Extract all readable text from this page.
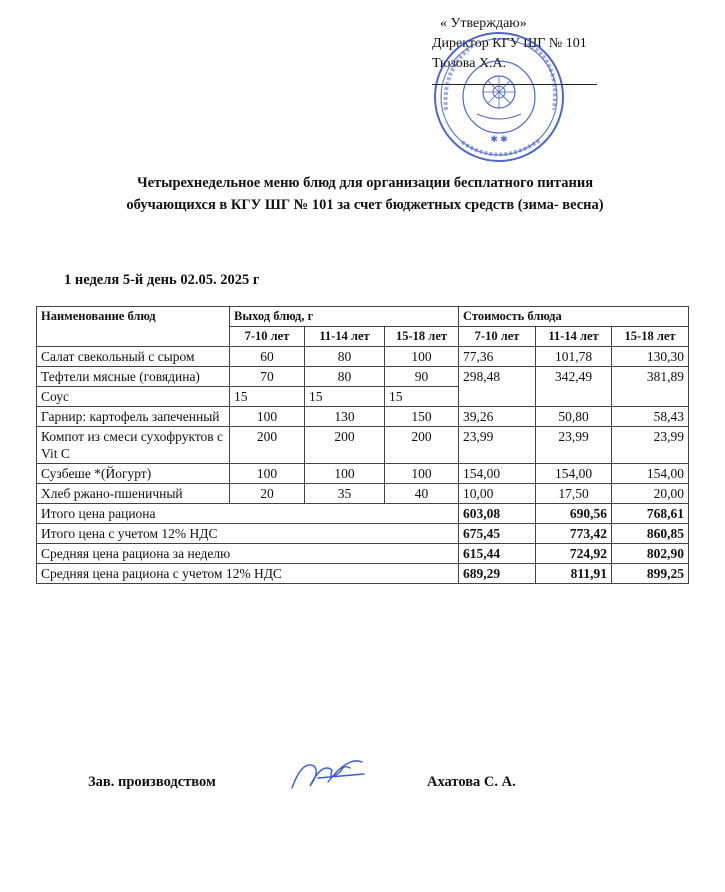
« Утверждаю»
Директор КГУ ШГ № 101
Тюзова Х.А.
✱ ✱
Четырехнедельное меню блюд для организации бесплатного питания
обучающихся в КГУ ШГ № 101 за счет бюджетных средств (зима- весна)
1 неделя 5-й день 02.05. 2025 г
Наименование блюд	Выход блюд, г			Стоимость блюда		
	7-10 лет	11-14 лет	15-18 лет	7-10 лет	11-14 лет	15-18 лет
Салат свекольный с сыром	60	80	100	77,36	101,78	130,30
Тефтели мясные (говядина)	70	80	90	298,48	342,49	381,89
Соус	15	15	15			
Гарнир: картофель запеченный	100	130	150	39,26	50,80	58,43
Компот из смеси сухофруктов с Vit C	200	200	200	23,99	23,99	23,99
Сузбеше *(Йогурт)	100	100	100	154,00	154,00	154,00
Хлеб ржано-пшеничный	20	35	40	10,00	17,50	20,00
Итого цена рациона				603,08	690,56	768,61
Итого цена с учетом 12% НДС				675,45	773,42	860,85
Средняя цена рациона за неделю				615,44	724,92	802,90
Средняя цена рациона с учетом 12% НДС				689,29	811,91	899,25
Зав. производством	Ахатова С. А.
